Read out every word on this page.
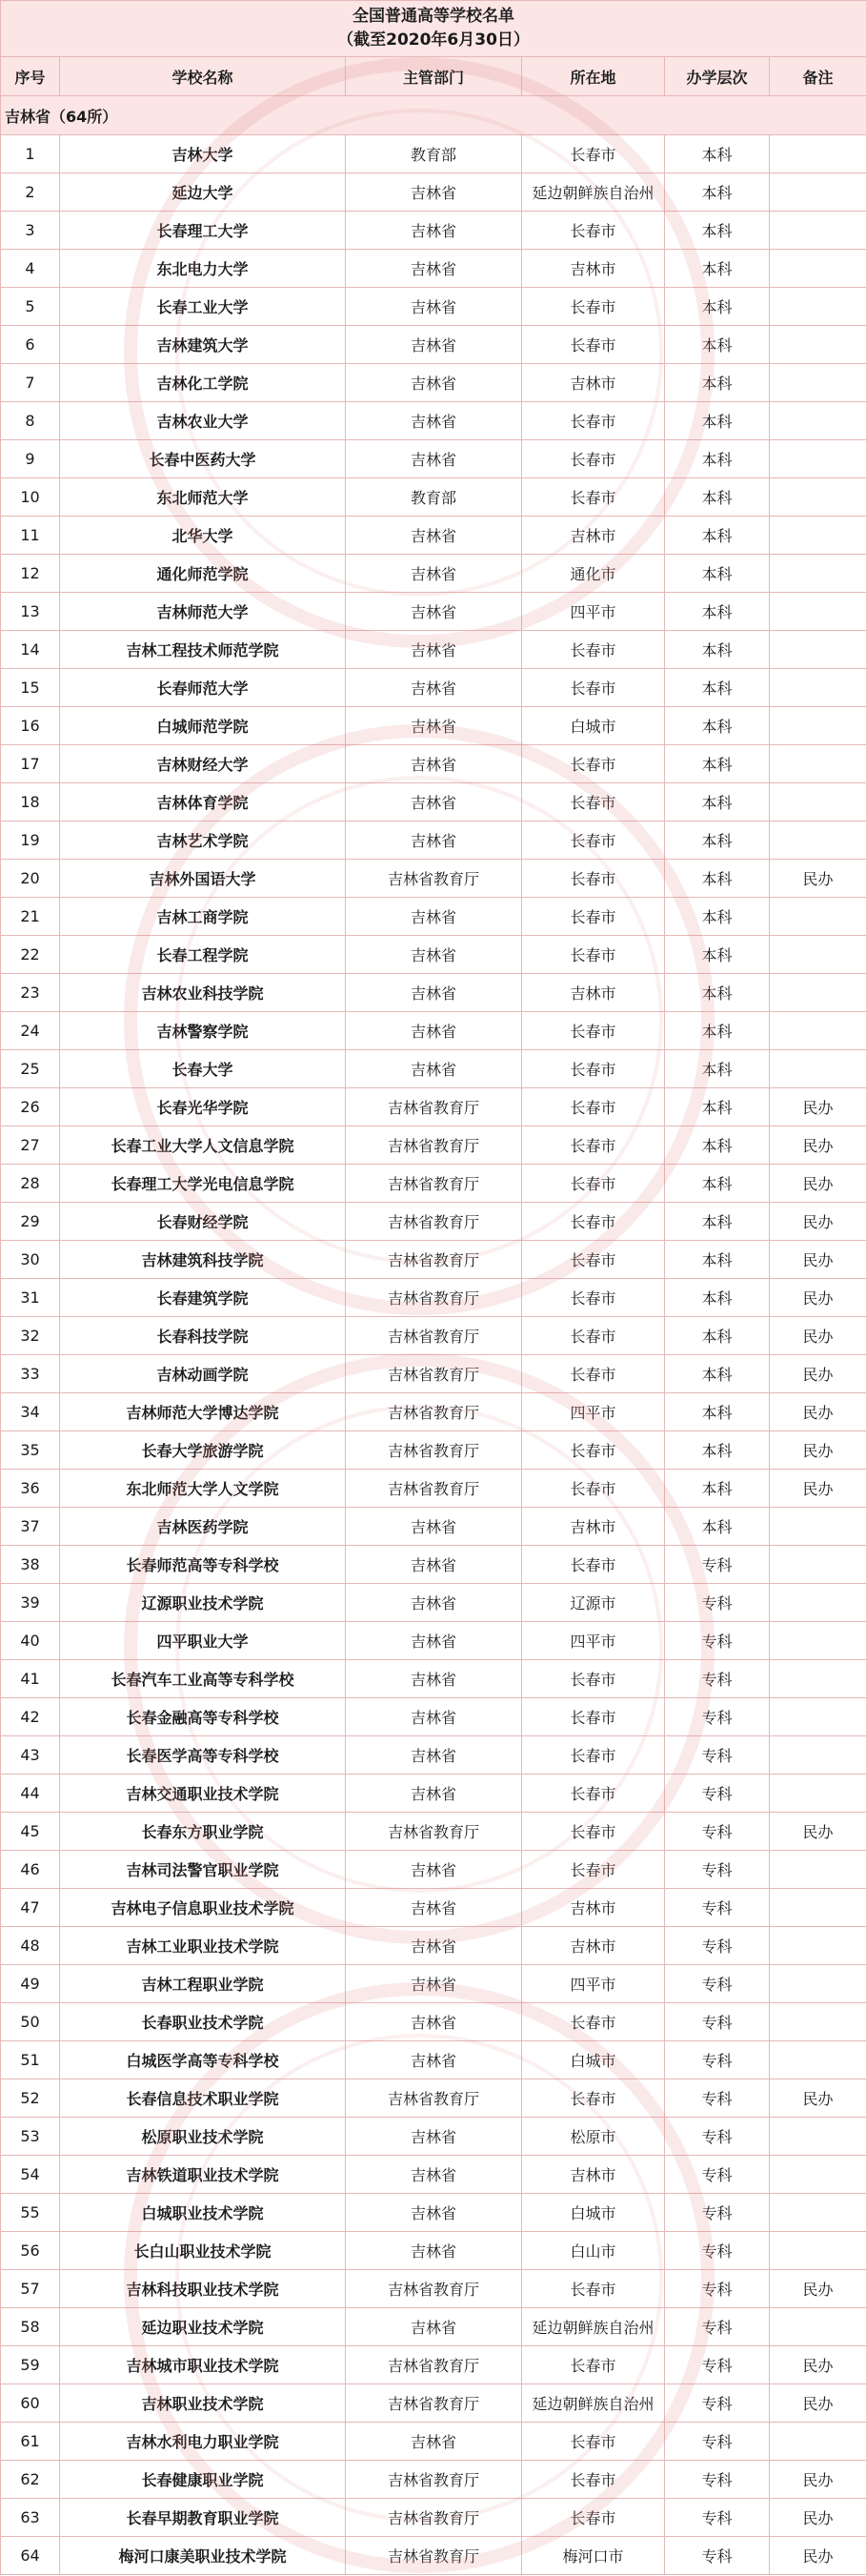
全国普通高等学校名单
（截至2020年6月30日）					

序号	学校名称	主管部门	所在地	办学层次	备注
吉林省（64所）					
1	吉林大学	教育部	长春市	本科	
2	延边大学	吉林省	延边朝鲜族自治州	本科	
3	长春理工大学	吉林省	长春市	本科	
4	东北电力大学	吉林省	吉林市	本科	
5	长春工业大学	吉林省	长春市	本科	
6	吉林建筑大学	吉林省	长春市	本科	
7	吉林化工学院	吉林省	吉林市	本科	
8	吉林农业大学	吉林省	长春市	本科	
9	长春中医药大学	吉林省	长春市	本科	
10	东北师范大学	教育部	长春市	本科	
11	北华大学	吉林省	吉林市	本科	
12	通化师范学院	吉林省	通化市	本科	
13	吉林师范大学	吉林省	四平市	本科	
14	吉林工程技术师范学院	吉林省	长春市	本科	
15	长春师范大学	吉林省	长春市	本科	
16	白城师范学院	吉林省	白城市	本科	
17	吉林财经大学	吉林省	长春市	本科	
18	吉林体育学院	吉林省	长春市	本科	
19	吉林艺术学院	吉林省	长春市	本科	
20	吉林外国语大学	吉林省教育厅	长春市	本科	民办
21	吉林工商学院	吉林省	长春市	本科	
22	长春工程学院	吉林省	长春市	本科	
23	吉林农业科技学院	吉林省	吉林市	本科	
24	吉林警察学院	吉林省	长春市	本科	
25	长春大学	吉林省	长春市	本科	
26	长春光华学院	吉林省教育厅	长春市	本科	民办
27	长春工业大学人文信息学院	吉林省教育厅	长春市	本科	民办
28	长春理工大学光电信息学院	吉林省教育厅	长春市	本科	民办
29	长春财经学院	吉林省教育厅	长春市	本科	民办
30	吉林建筑科技学院	吉林省教育厅	长春市	本科	民办
31	长春建筑学院	吉林省教育厅	长春市	本科	民办
32	长春科技学院	吉林省教育厅	长春市	本科	民办
33	吉林动画学院	吉林省教育厅	长春市	本科	民办
34	吉林师范大学博达学院	吉林省教育厅	四平市	本科	民办
35	长春大学旅游学院	吉林省教育厅	长春市	本科	民办
36	东北师范大学人文学院	吉林省教育厅	长春市	本科	民办
37	吉林医药学院	吉林省	吉林市	本科	
38	长春师范高等专科学校	吉林省	长春市	专科	
39	辽源职业技术学院	吉林省	辽源市	专科	
40	四平职业大学	吉林省	四平市	专科	
41	长春汽车工业高等专科学校	吉林省	长春市	专科	
42	长春金融高等专科学校	吉林省	长春市	专科	
43	长春医学高等专科学校	吉林省	长春市	专科	
44	吉林交通职业技术学院	吉林省	长春市	专科	
45	长春东方职业学院	吉林省教育厅	长春市	专科	民办
46	吉林司法警官职业学院	吉林省	长春市	专科	
47	吉林电子信息职业技术学院	吉林省	吉林市	专科	
48	吉林工业职业技术学院	吉林省	吉林市	专科	
49	吉林工程职业学院	吉林省	四平市	专科	
50	长春职业技术学院	吉林省	长春市	专科	
51	白城医学高等专科学校	吉林省	白城市	专科	
52	长春信息技术职业学院	吉林省教育厅	长春市	专科	民办
53	松原职业技术学院	吉林省	松原市	专科	
54	吉林铁道职业技术学院	吉林省	吉林市	专科	
55	白城职业技术学院	吉林省	白城市	专科	
56	长白山职业技术学院	吉林省	白山市	专科	
57	吉林科技职业技术学院	吉林省教育厅	长春市	专科	民办
58	延边职业技术学院	吉林省	延边朝鲜族自治州	专科	
59	吉林城市职业技术学院	吉林省教育厅	长春市	专科	民办
60	吉林职业技术学院	吉林省教育厅	延边朝鲜族自治州	专科	民办
61	吉林水利电力职业学院	吉林省	长春市	专科	
62	长春健康职业学院	吉林省教育厅	长春市	专科	民办
63	长春早期教育职业学院	吉林省教育厅	长春市	专科	民办
64	梅河口康美职业技术学院	吉林省教育厅	梅河口市	专科	民办
